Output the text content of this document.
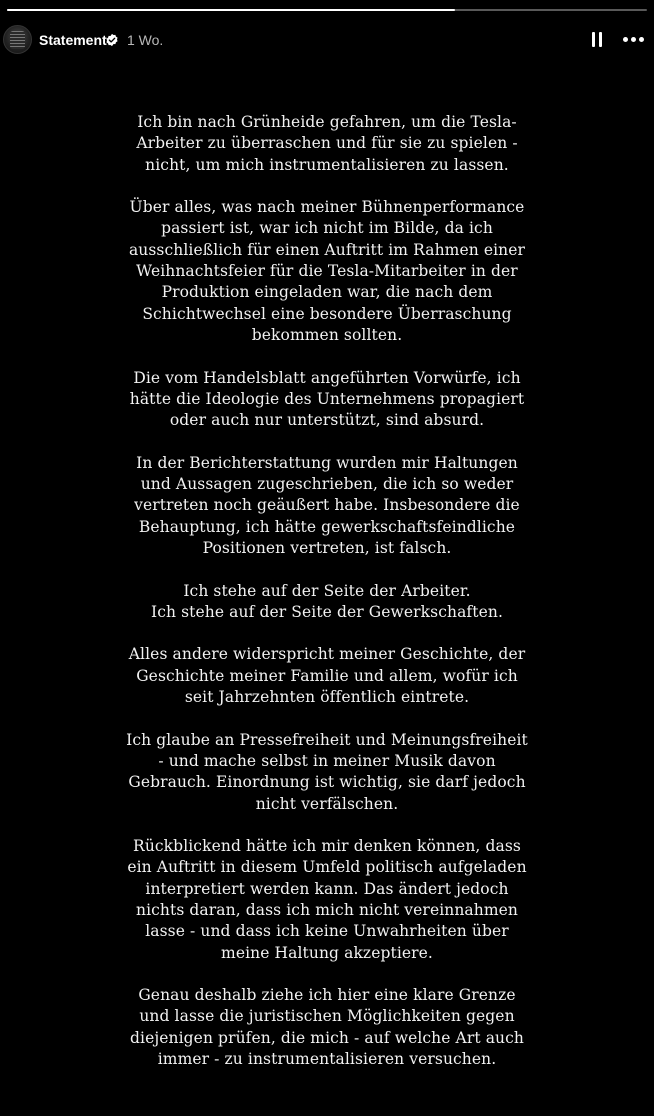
Statement 1 Wo.

Ich bin nach Grünheide gefahren, um die Tesla-
Arbeiter zu überraschen und für sie zu spielen -
nicht, um mich instrumentalisieren zu lassen.

Über alles, was nach meiner Bühnenperformance
passiert ist, war ich nicht im Bilde, da ich
ausschließlich für einen Auftritt im Rahmen einer
Weihnachtsfeier für die Tesla-Mitarbeiter in der
Produktion eingeladen war, die nach dem
Schichtwechsel eine besondere Überraschung
bekommen sollten.

Die vom Handelsblatt angeführten Vorwürfe, ich
hätte die Ideologie des Unternehmens propagiert
oder auch nur unterstützt, sind absurd.

In der Berichterstattung wurden mir Haltungen
und Aussagen zugeschrieben, die ich so weder
vertreten noch geäußert habe. Insbesondere die
Behauptung, ich hätte gewerkschaftsfeindliche
Positionen vertreten, ist falsch.

Ich stehe auf der Seite der Arbeiter.
Ich stehe auf der Seite der Gewerkschaften.

Alles andere widerspricht meiner Geschichte, der
Geschichte meiner Familie und allem, wofür ich
seit Jahrzehnten öffentlich eintrete.

Ich glaube an Pressefreiheit und Meinungsfreiheit
- und mache selbst in meiner Musik davon
Gebrauch. Einordnung ist wichtig, sie darf jedoch
nicht verfälschen.

Rückblickend hätte ich mir denken können, dass
ein Auftritt in diesem Umfeld politisch aufgeladen
interpretiert werden kann. Das ändert jedoch
nichts daran, dass ich mich nicht vereinnahmen
lasse - und dass ich keine Unwahrheiten über
meine Haltung akzeptiere.

Genau deshalb ziehe ich hier eine klare Grenze
und lasse die juristischen Möglichkeiten gegen
diejenigen prüfen, die mich - auf welche Art auch
immer - zu instrumentalisieren versuchen.
